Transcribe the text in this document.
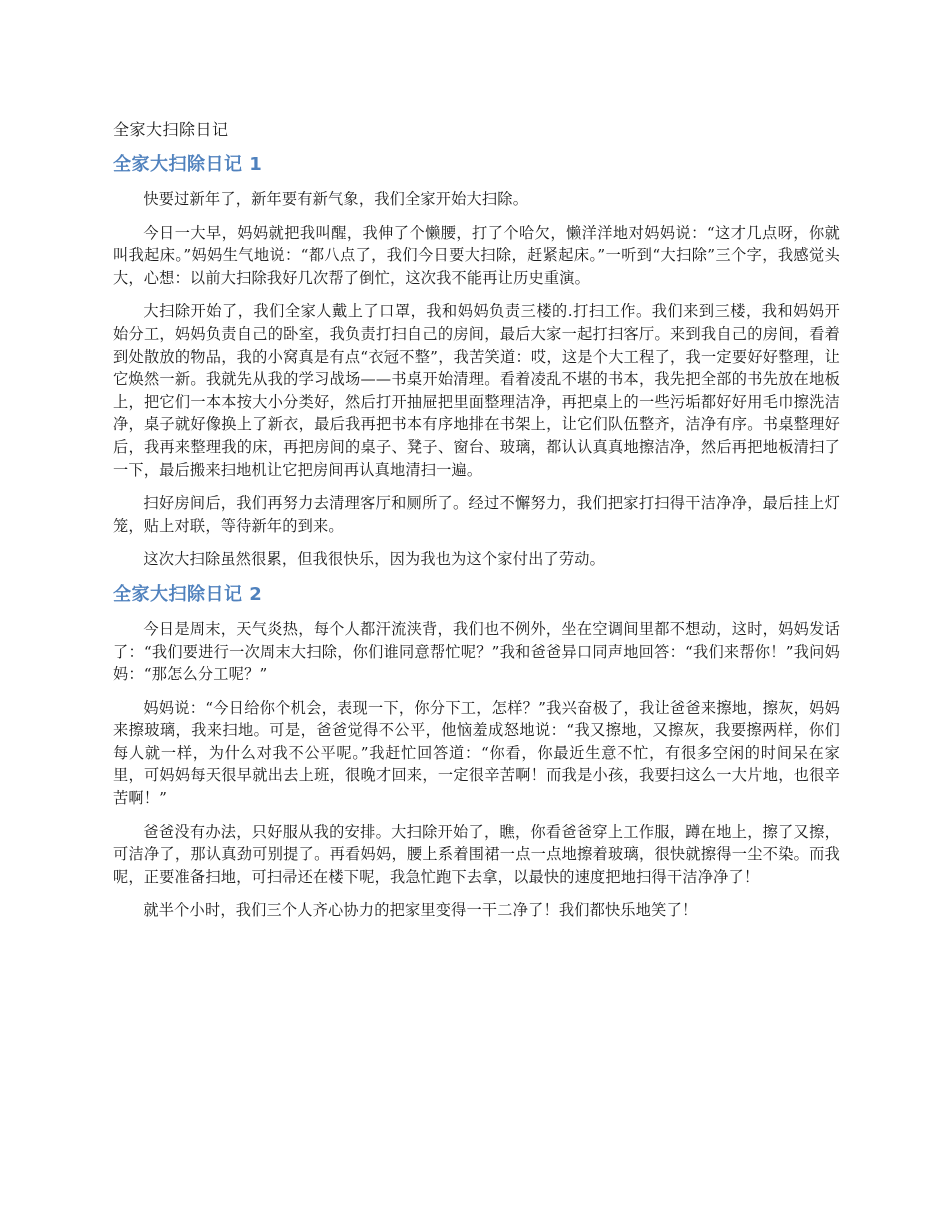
全家大扫除日记
全家大扫除日记 1

快要过新年了，新年要有新气象，我们全家开始大扫除。

今日一大早，妈妈就把我叫醒，我伸了个懒腰，打了个哈欠，懒洋洋地对妈妈说：“这才几点呀，你就叫我起床。”妈妈生气地说：“都八点了，我们今日要大扫除，赶紧起床。”一听到“大扫除”三个字，我感觉头大，心想：以前大扫除我好几次帮了倒忙，这次我不能再让历史重演。

大扫除开始了，我们全家人戴上了口罩，我和妈妈负责三楼的.打扫工作。我们来到三楼，我和妈妈开始分工，妈妈负责自己的卧室，我负责打扫自己的房间，最后大家一起打扫客厅。来到我自己的房间，看着到处散放的物品，我的小窝真是有点“衣冠不整”，我苦笑道：哎，这是个大工程了，我一定要好好整理，让它焕然一新。我就先从我的学习战场——书桌开始清理。看着凌乱不堪的书本，我先把全部的书先放在地板上，把它们一本本按大小分类好，然后打开抽屉把里面整理洁净，再把桌上的一些污垢都好好用毛巾擦洗洁净，桌子就好像换上了新衣，最后我再把书本有序地排在书架上，让它们队伍整齐，洁净有序。书桌整理好后，我再来整理我的床，再把房间的桌子、凳子、窗台、玻璃，都认认真真地擦洁净，然后再把地板清扫了一下，最后搬来扫地机让它把房间再认真地清扫一遍。

扫好房间后，我们再努力去清理客厅和厕所了。经过不懈努力，我们把家打扫得干洁净净，最后挂上灯笼，贴上对联，等待新年的到来。

这次大扫除虽然很累，但我很快乐，因为我也为这个家付出了劳动。

全家大扫除日记 2

今日是周末，天气炎热，每个人都汗流浃背，我们也不例外，坐在空调间里都不想动，这时，妈妈发话了：“我们要进行一次周末大扫除，你们谁同意帮忙呢？”我和爸爸异口同声地回答：“我们来帮你！”我问妈妈：“那怎么分工呢？”

妈妈说：“今日给你个机会，表现一下，你分下工，怎样？”我兴奋极了，我让爸爸来擦地，擦灰，妈妈来擦玻璃，我来扫地。可是，爸爸觉得不公平，他恼羞成怒地说：“我又擦地，又擦灰，我要擦两样，你们每人就一样，为什么对我不公平呢。”我赶忙回答道：“你看，你最近生意不忙，有很多空闲的时间呆在家里，可妈妈每天很早就出去上班，很晚才回来，一定很辛苦啊！而我是小孩，我要扫这么一大片地，也很辛苦啊！”

爸爸没有办法，只好服从我的安排。大扫除开始了，瞧，你看爸爸穿上工作服，蹲在地上，擦了又擦，可洁净了，那认真劲可别提了。再看妈妈，腰上系着围裙一点一点地擦着玻璃，很快就擦得一尘不染。而我呢，正要准备扫地，可扫帚还在楼下呢，我急忙跑下去拿，以最快的速度把地扫得干洁净净了！

就半个小时，我们三个人齐心协力的把家里变得一干二净了！我们都快乐地笑了！
